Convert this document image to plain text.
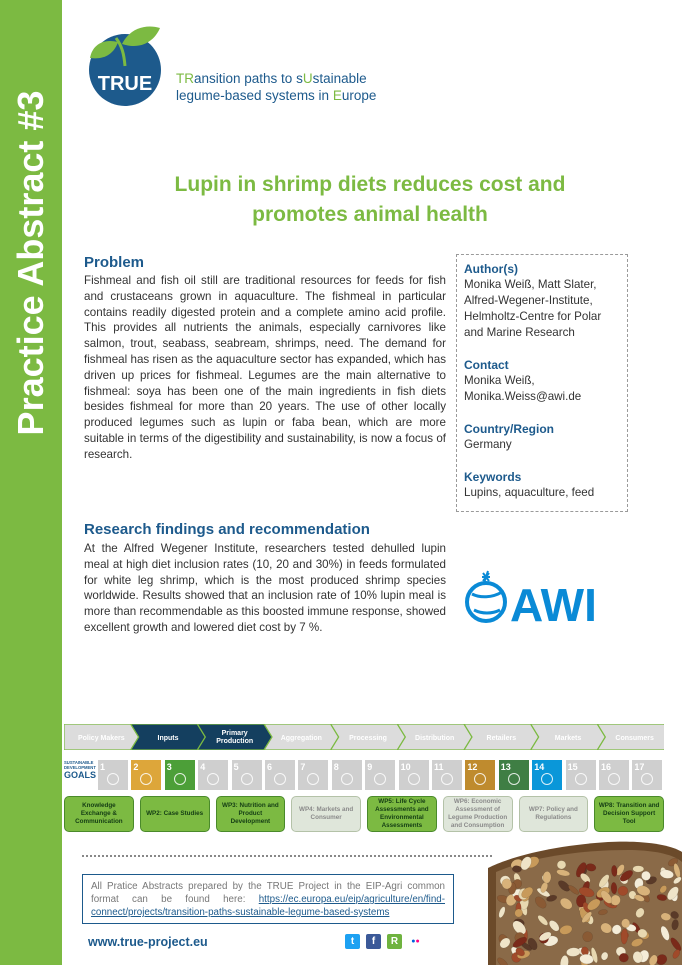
Practice Abstract #3
TRUE TRansition paths to sUstainable
legume-based systems in Europe
Lupin in shrimp diets reduces cost and
promotes animal health
Problem
Fishmeal and fish oil still are traditional resources for feeds for fish and crustaceans grown in aquaculture. The fishmeal in particular contains readily digested protein and a complete amino acid profile. This provides all nutrients the animals, especially carnivores like salmon, trout, seabass, seabream, shrimps, need. The demand for fishmeal has risen as the aquaculture sector has expanded, which has driven up prices for fishmeal. Legumes are the main alternative to fishmeal: soya has been one of the main ingredients in fish diets besides fishmeal for more than 20 years. The use of other locally produced legumes such as lupin or faba bean, which are more suitable in terms of the digestibility and sustainability, is now a focus of research.
Research findings and recommendation
At the Alfred Wegener Institute, researchers tested dehulled lupin meal at high diet inclusion rates (10, 20 and 30%) in feeds formulated for white leg shrimp, which is the most produced shrimp species worldwide. Results showed that an inclusion rate of 10% lupin meal is more than recommendable as this boosted immune response, showed excellent growth and lowered diet cost by 7 %.
Author(s)
Monika Weiß, Matt Slater, Alfred-Wegener-Institute, Helmholtz-Centre for Polar and Marine Research
Contact
Monika Weiß,
Monika.Weiss@awi.de
Country/Region
Germany
Keywords
Lupins, aquaculture, feed
AWI
Policy Makers	Inputs
Primary
Production	Aggregation	Processing	Distribution	Retailers	Markets	Consumers
SUSTAINABLE
DEVELOPMENT
GOALS
1	2	3	4	5	6	7	8	9	10	11	12	13	14	15	16	17
Knowledge Exchange & Communication
WP2: Case Studies
WP3: Nutrition and Product Development
WP4: Markets and Consumer
WP5: Life Cycle Assessments and Environmental Assessments
WP6: Economic Assessment of Legume Production and Consumption
WP7: Policy and Regulations
WP8: Transition and Decision Support Tool
All Pratice Abstracts prepared by the TRUE Project in the EIP-Agri common format can be found here: https://ec.europa.eu/eip/agriculture/en/find-connect/projects/transition-paths-sustainable-legume-based-systems
www.true-project.eu	t	f	R	●●
